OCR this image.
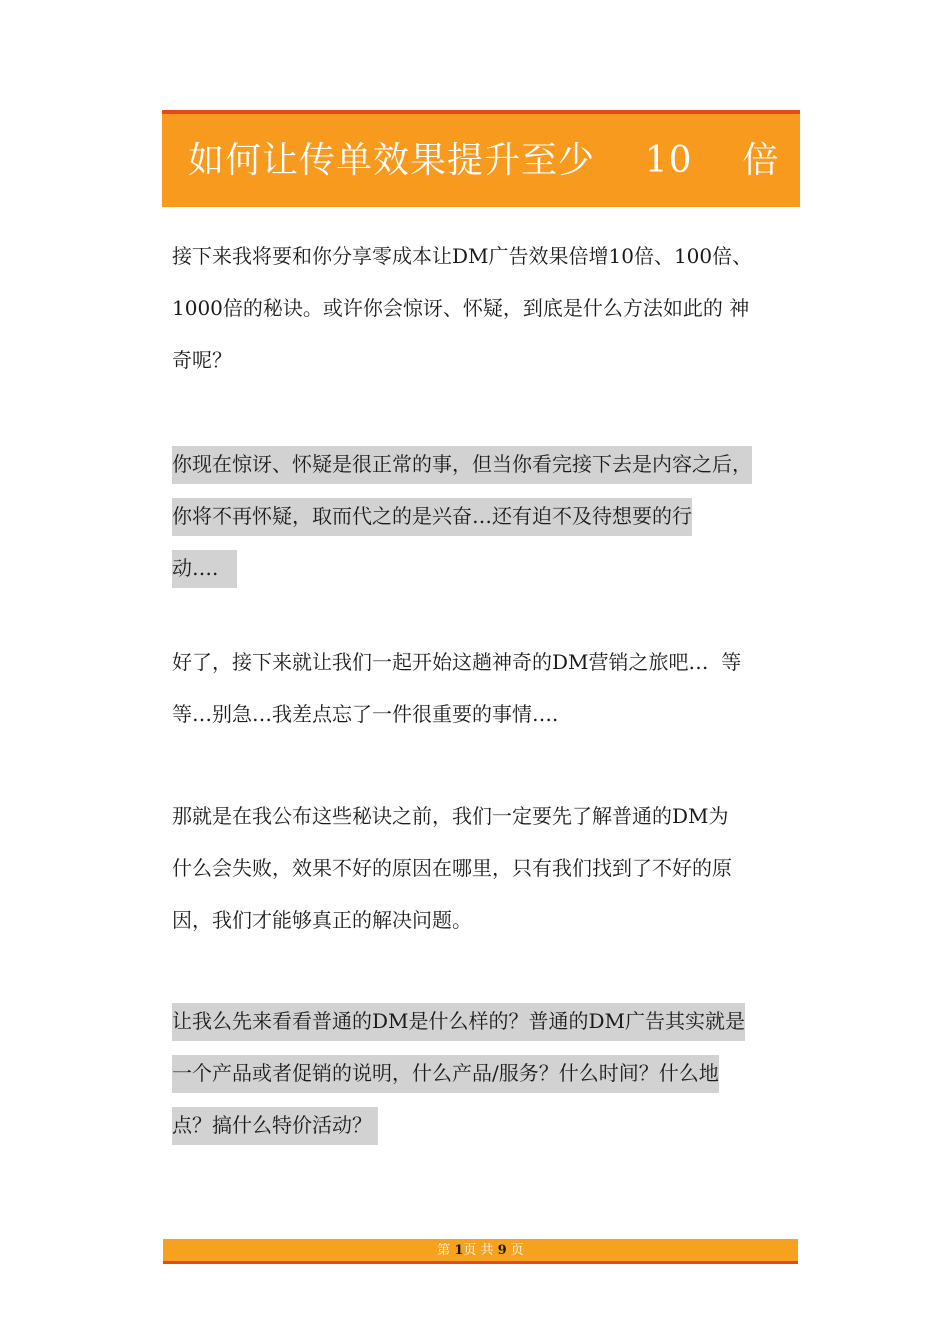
如何让传单效果提升至少    10    倍
接下来我将要和你分享零成本让DM广告效果倍增10倍、100倍、
1000倍的秘诀。或许你会惊讶、怀疑，到底是什么方法如此的 神
奇呢？
你现在惊讶、怀疑是很正常的事，但当你看完接下去是内容之后，
你将不再怀疑，取而代之的是兴奋…还有迫不及待想要的行
动….
好了，接下来就让我们一起开始这趟神奇的DM营销之旅吧…  等
等…别急…我差点忘了一件很重要的事情….
那就是在我公布这些秘诀之前，我们一定要先了解普通的DM为
什么会失败，效果不好的原因在哪里，只有我们找到了不好的原
因，我们才能够真正的解决问题。
让我么先来看看普通的DM是什么样的？普通的DM广告其实就是
一个产品或者促销的说明，什么产品/服务？什么时间？什么地
点？搞什么特价活动？
第 1页 共 9 页
